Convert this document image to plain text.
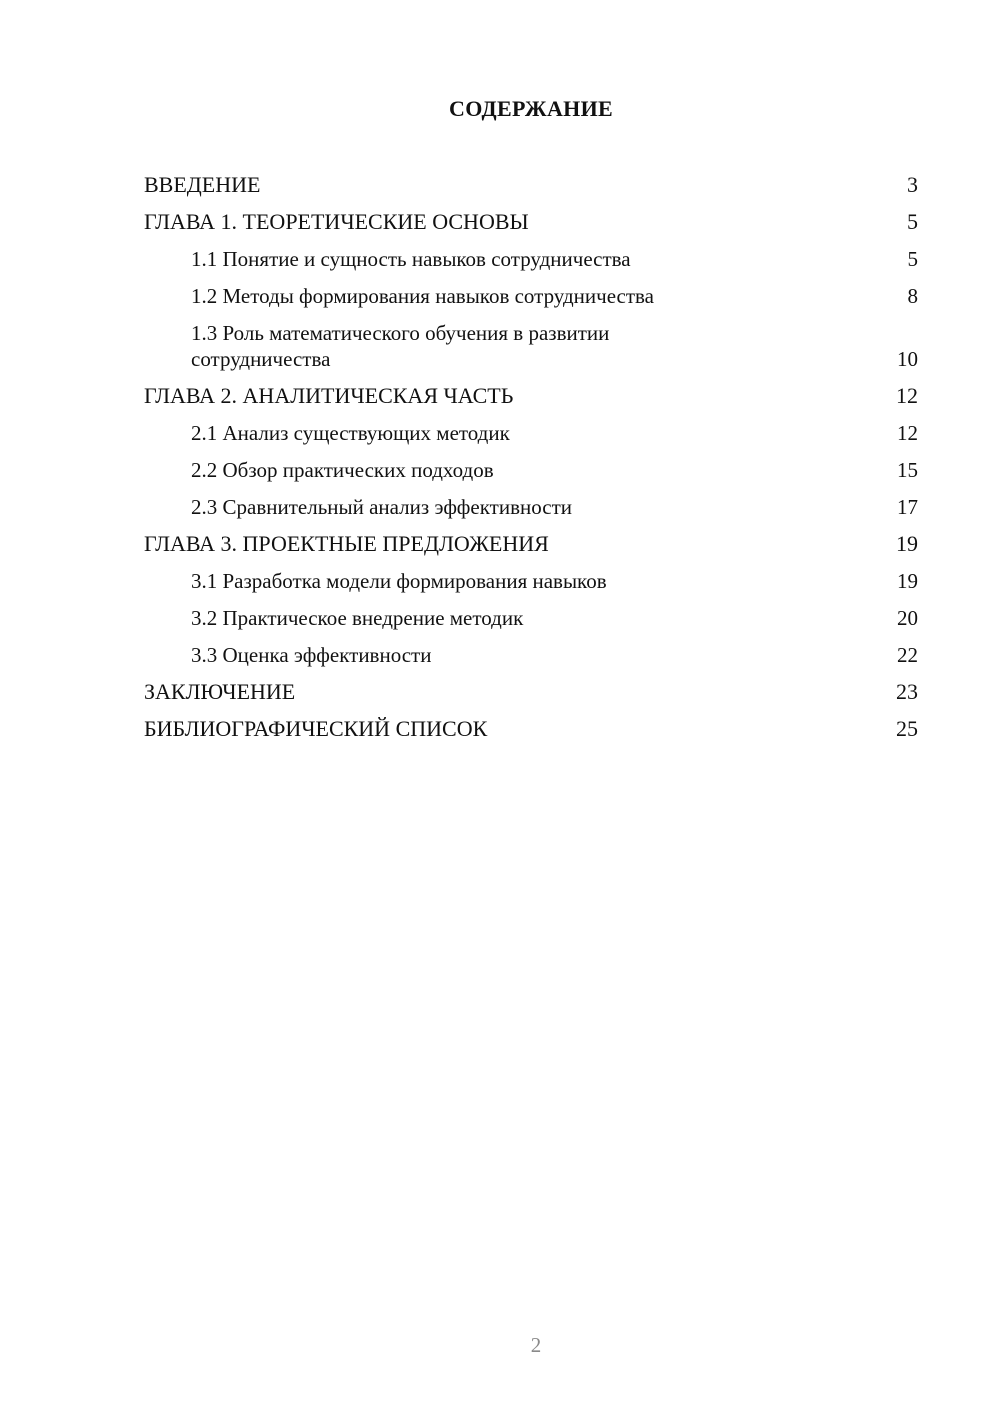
СОДЕРЖАНИЕ
ВВЕДЕНИЕ	3
ГЛАВА 1. ТЕОРЕТИЧЕСКИЕ ОСНОВЫ	5
1.1 Понятие и сущность навыков сотрудничества	5
1.2 Методы формирования навыков сотрудничества	8
1.3 Роль математического обучения в развитии сотрудничества	10
ГЛАВА 2. АНАЛИТИЧЕСКАЯ ЧАСТЬ	12
2.1 Анализ существующих методик	12
2.2 Обзор практических подходов	15
2.3 Сравнительный анализ эффективности	17
ГЛАВА 3. ПРОЕКТНЫЕ ПРЕДЛОЖЕНИЯ	19
3.1 Разработка модели формирования навыков	19
3.2 Практическое внедрение методик	20
3.3 Оценка эффективности	22
ЗАКЛЮЧЕНИЕ	23
БИБЛИОГРАФИЧЕСКИЙ СПИСОК	25
2
